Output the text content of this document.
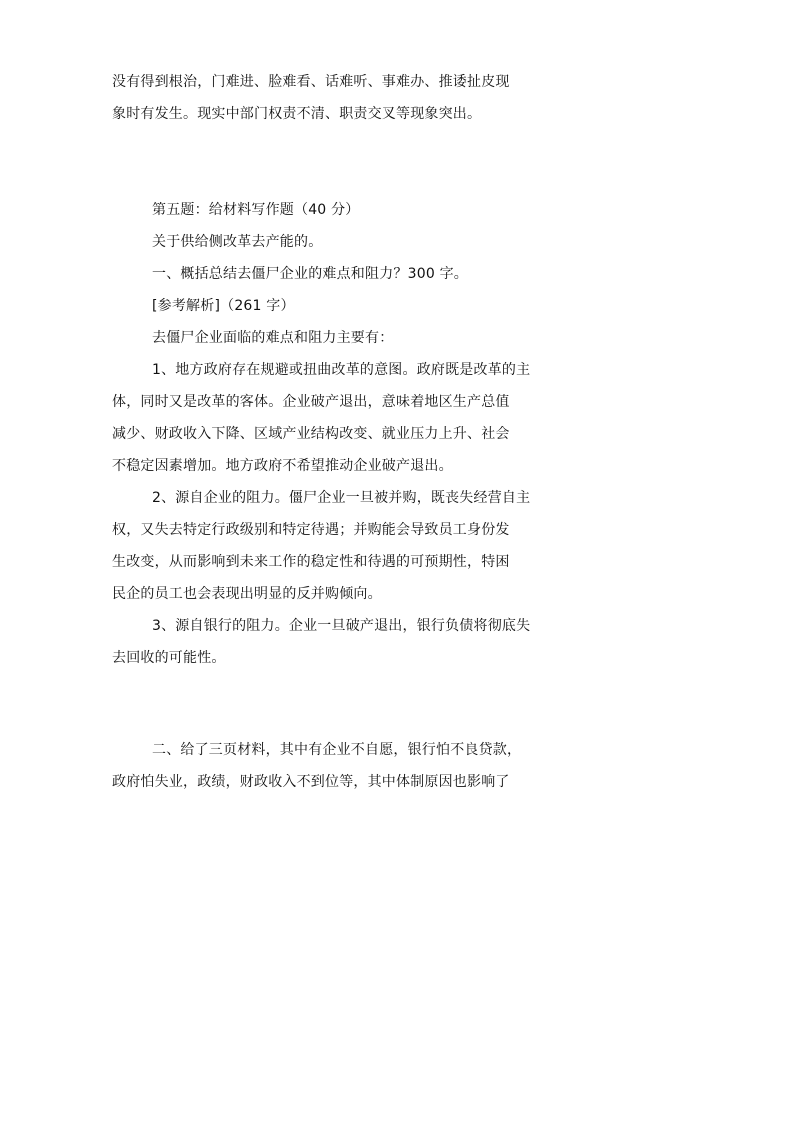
没有得到根治，门难进、脸难看、话难听、事难办、推诿扯皮现
象时有发生。现实中部门权责不清、职责交叉等现象突出。
第五题：给材料写作题（40 分）
关于供给侧改革去产能的。
一、概括总结去僵尸企业的难点和阻力？300 字。
[参考解析]（261 字）
去僵尸企业面临的难点和阻力主要有：
1、地方政府存在规避或扭曲改革的意图。政府既是改革的主
体，同时又是改革的客体。企业破产退出，意味着地区生产总值
减少、财政收入下降、区域产业结构改变、就业压力上升、社会
不稳定因素增加。地方政府不希望推动企业破产退出。
2、源自企业的阻力。僵尸企业一旦被并购，既丧失经营自主
权，又失去特定行政级别和特定待遇；并购能会导致员工身份发
生改变，从而影响到未来工作的稳定性和待遇的可预期性，特困
民企的员工也会表现出明显的反并购倾向。
3、源自银行的阻力。企业一旦破产退出，银行负债将彻底失
去回收的可能性。
二、给了三页材料，其中有企业不自愿，银行怕不良贷款，
政府怕失业，政绩，财政收入不到位等，其中体制原因也影响了
